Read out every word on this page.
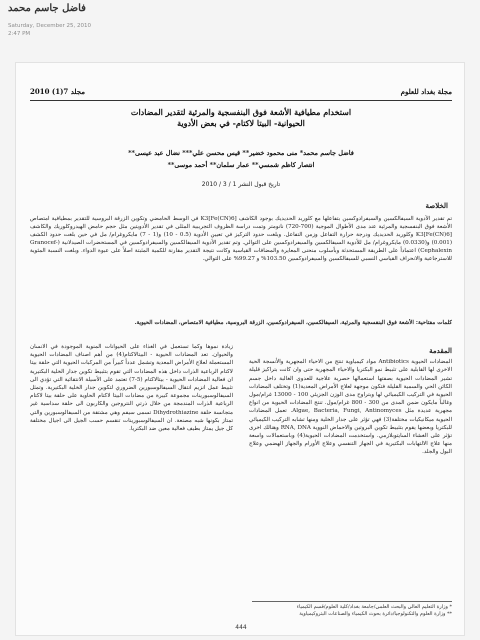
فاضل جاسم محمد
Saturday, December 25, 2010
2:47 PM
مجلد 7(1) 2010	مجلة بغداد للعلوم
استخدام مطيافية الأشعة فوق البنفسجية والمرئية لتقدير المضادات
الحيوانية- البيتا لاكتام- في بعض الأدوية
فاضل جاسم محمد* منى محمود خضير** قيس محسن علي*** نضال عبد عيسى**
انتصار كاظم شمسي** عمار سلمان** أحمد موسى**
تاريخ قبول النشر 1 / 3 / 2010
الخلاصة
تم تقدير الأدوية السيفالكسين والسيفرادوكسين بتفاعلها مع كلوريد الحديديك بوجود الكاشف K3[Fe(CN)6] في الوسط الحامضي وتكوين الزرقة البروسية للتقدير بمطيافية امتصاص الأشعة فوق البنفسجية والمرئية عند مدى الأطوال الموجية (700-720) نانومتر وتمت دراسة الظروف التجريبية المثلى في تقدير الأدويتين مثل حجم حامض الهيدروكلوريك والكاشف K3[Fe(CN)6] وكلوريد الحديديك ودرجة حرارة التفاعل وزمن التفاعل. وبلغت حدود التركيز في تعيين الأدوية (0.5 - 10) و(1 - 7) مايكروغرام/ مل في حين بلغت حدود الكشف (0.001) و(0.0330) مايكروغرام/ مل للأدوية السيفالكسين والسيفرادوكسين على التوالي. وتم تقدير الأدوية السيفالكسين والسيفرادوكسين في المستحضرات الصيدلانية (Granocef-Cephalexin) اعتماداً على الطريقة المستحدثة وبأسلوب منحنى المعايرة والمضافات القياسية وكانت نتيجة التقدير مقارنة للكمية المثبتة اصلاً على عبوة الدواء. وبلغت النسبة المئوية للاسترجاعية والانحراف القياسي النسبي للسيفالكسين والسيفرادوكسين 103.50% و 99.27% على التوالي.
كلمات مفتاحية: الأشعة فوق البنفسجية والمرئية، السيفالكسين، السيفرادوكسين، الزرقة البروسية، مطيافية الامتصاص، المضادات الحيوية.
المقدمة

المضادات الحيوية Antibiotics مواد كيمياوية تنتج من الاحياء المجهرية والأنسجة الحية الاخرى لها القابلية على تثبيط نمو البكتريا والاحياء المجهرية حتى وان كانت بتراكيز قليلة تشير المضادات الحيوية بصفتها استعمالها حصرية علاجية للعدوى الغالبة داخل جسم الكائن الحي والسمية القليلة فتكون موجهة لعلاج الأمراض المعدية(1) وتختلف المضادات الحيوية في التركيب الكيميائي لها وبتراوح مدى الوزن الجزيئي 100 - 13000 غرام/مول وغالباً مايكون ضمن المدى من 300 - 800 غرام/مول. تنتج المضادات الحيوية من انواع مجهرية عديدة مثل Algae, Bacteria, Fungi, Antinomyces. تعمل المضادات الحيوية ميكانيكيات مختلفة(3) فهي تؤثر على جدار الخلية ومنها تشابه التركيب الكيميائي للبكتريا وبعضها يقوم بتثبيط تكوين البروتين والاحماض النووية RNA, DNA وهنالك اخرى تؤثر على الغشاء السايتوبلازمي. واستخدمت المضادات الحيوية(4) وباستعمالات واسعة منها علاج الالتهابات البكتيرية في الجهاز التنفسي وعلاج الأورام والجهاز الهضمي وعلاج البول والجلد.

زيادة نموها وكما تستعمل في الغذاء على الحيوانات المنوية الموجودة في الانسان والحيوان. تعد المضادات الحيوية - البيتالاكتام(4) من أهم اصناف المضادات الحيوية المستعملة لعلاج الأمراض المعدية وتشمل عدداً كبيراً من المركبات الحيوية التي حلقة بيتا لاكتام الرباعية الذرات داخل هذه المضادات التي تقوم بتثبيط تكوين جدار الخلية البكتيرية ان فعالية المضادات الحيوية - بيتالاكتام (5-7) تعتمد على الأسيلة الانتقائية التي تؤدي الى تثبيط عمل انزيم انتقال السيفالوسبورين الضروري لتكوين جدار الخلية البكتيرية. وتمثل السيفالوسبورينات مجموعة كبيرة من مضادات البيتا لاكتام الحاوية على حلقة بيتا لاكتام الرباعية الذرات المندمجة من خلال ذرتي النتروجين والكاربون الى حلقة سداسية غير متجانسة حلقة Dihydrothiazine تسمى سيفم وهي مشتقة من السيفالوسبورين والتي تمتاز بكونها شبه مصنعة. ان السيفالوسبورينات تنقسم حسب الجيل الى اجيال مختلفة كل جيل يمتاز بطيف فعالية معين ضد البكتريا.

* وزارة التعليم العالي والبحث العلمي/جامعة بغداد/كلية العلوم/قسم الكيمياء
** وزارة العلوم والتكنولوجيا/دائرة بحوث الكيمياء والصناعات البتروكيمياوية
444
